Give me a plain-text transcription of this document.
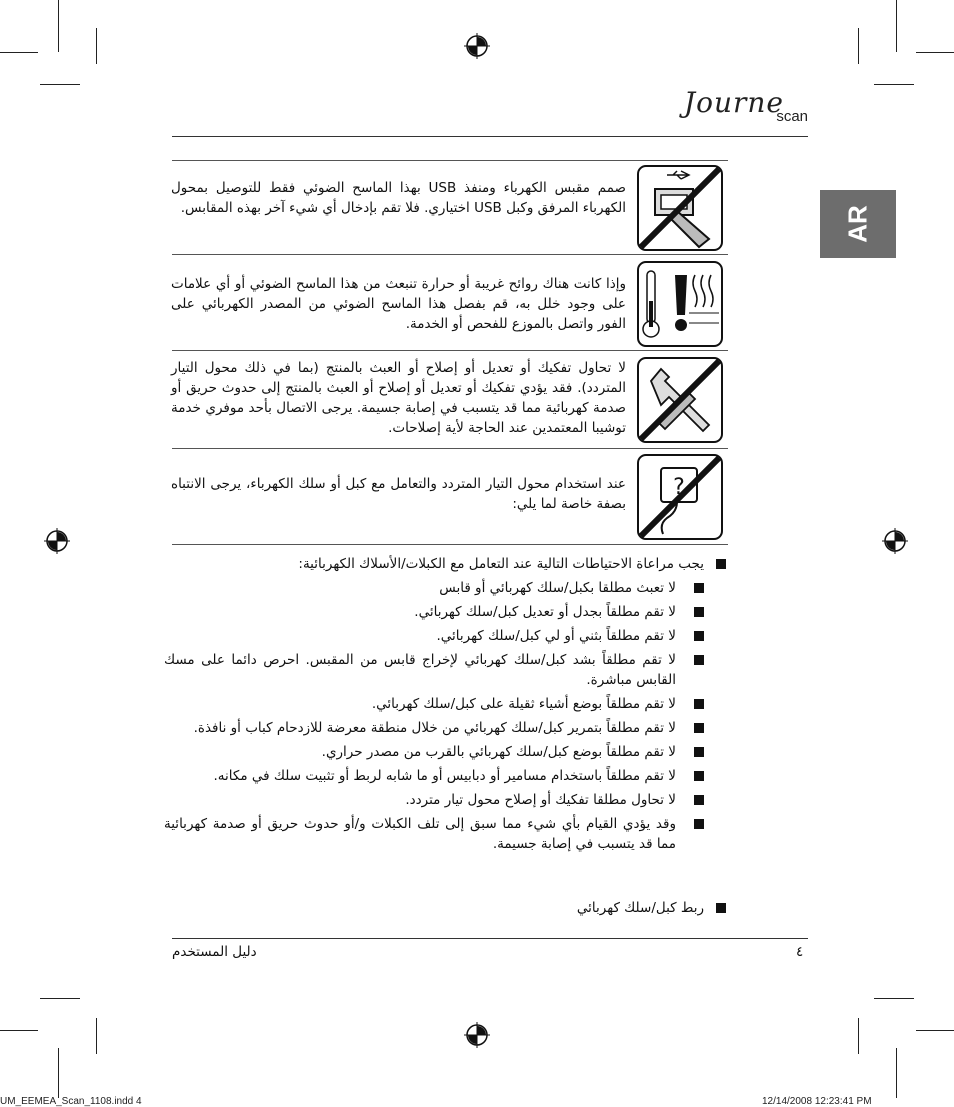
Journe
scan
AR
صمم مقبس الكهرباء ومنفذ USB بهذا الماسح الضوئي فقط للتوصيل بمحول الكهرباء المرفق وكبل USB اختياري. فلا تقم بإدخال أي شيء آخر بهذه المقابس.
وإذا كانت هناك روائح غريبة أو حرارة تنبعث من هذا الماسح الضوئي أو أي علامات على وجود خلل به، قم بفصل هذا الماسح الضوئي من المصدر الكهربائي على الفور واتصل بالموزع للفحص أو الخدمة.
لا تحاول تفكيك أو تعديل أو إصلاح أو العبث بالمنتج (بما في ذلك محول التيار المتردد). فقد يؤدي تفكيك أو تعديل أو إصلاح أو العبث بالمنتج إلى حدوث حريق أو صدمة كهربائية مما قد يتسبب في إصابة جسيمة. يرجى الاتصال بأحد موفري خدمة توشيبا المعتمدين عند الحاجة لأية إصلاحات.
?
عند استخدام محول التيار المتردد والتعامل مع كبل أو سلك الكهرباء، يرجى الانتباه بصفة خاصة لما يلي:
يجب مراعاة الاحتياطات التالية عند التعامل مع الكبلات/الأسلاك الكهربائية:
لا تعبث مطلقا بكبل/سلك كهربائي أو قابس
لا تقم مطلقاً بجدل أو تعديل كبل/سلك كهربائي.
لا تقم مطلقاً بثني أو لي كبل/سلك كهربائي.
لا تقم مطلقاً بشد كبل/سلك كهربائي لإخراج قابس من المقبس. احرص دائما على مسك القابس مباشرة.
لا تقم مطلقاً بوضع أشياء ثقيلة على كبل/سلك كهربائي.
لا تقم مطلقاً بتمرير كبل/سلك كهربائي من خلال منطقة معرضة للازدحام كباب أو نافذة.
لا تقم مطلقاً بوضع كبل/سلك كهربائي بالقرب من مصدر حراري.
لا تقم مطلقاً باستخدام مسامير أو دبابيس أو ما شابه لربط أو تثبيت سلك في مكانه.
لا تحاول مطلقا تفكيك أو إصلاح محول تيار متردد.
وقد يؤدي القيام بأي شيء مما سبق إلى تلف الكبلات و/أو حدوث حريق أو صدمة كهربائية مما قد يتسبب في إصابة جسيمة.
ربط كبل/سلك كهربائي
دليل المستخدم	٤
UM_EEMEA_Scan_1108.indd 4	12/14/2008 12:23:41 PM
